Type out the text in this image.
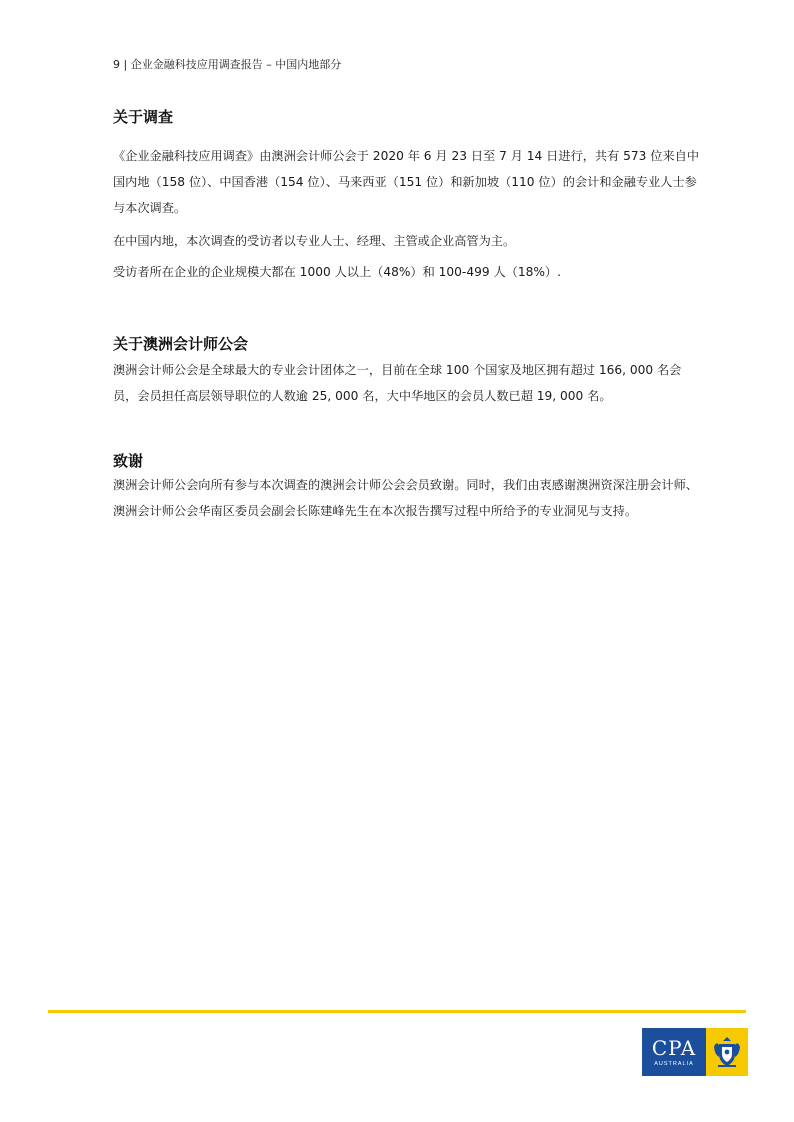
9 | 企业金融科技应用调查报告 – 中国内地部分
关于调查

《企业金融科技应用调查》由澳洲会计师公会于 2020 年 6 月 23 日至 7 月 14 日进行，共有 573 位来自中国内地（158 位）、中国香港（154 位）、马来西亚（151 位）和新加坡（110 位）的会计和金融专业人士参与本次调查。

在中国内地，本次调查的受访者以专业人士、经理、主管或企业高管为主。

受访者所在企业的企业规模大都在 1000 人以上（48%）和 100-499 人（18%）.

关于澳洲会计师公会

澳洲会计师公会是全球最大的专业会计团体之一，目前在全球 100 个国家及地区拥有超过 166, 000 名会员，会员担任高层领导职位的人数逾 25, 000 名，大中华地区的会员人数已超 19, 000 名。

致谢

澳洲会计师公会向所有参与本次调查的澳洲会计师公会会员致谢。同时，我们由衷感谢澳洲资深注册会计师、澳洲会计师公会华南区委员会副会长陈建峰先生在本次报告撰写过程中所给予的专业洞见与支持。

CPA
AUSTRALIA
